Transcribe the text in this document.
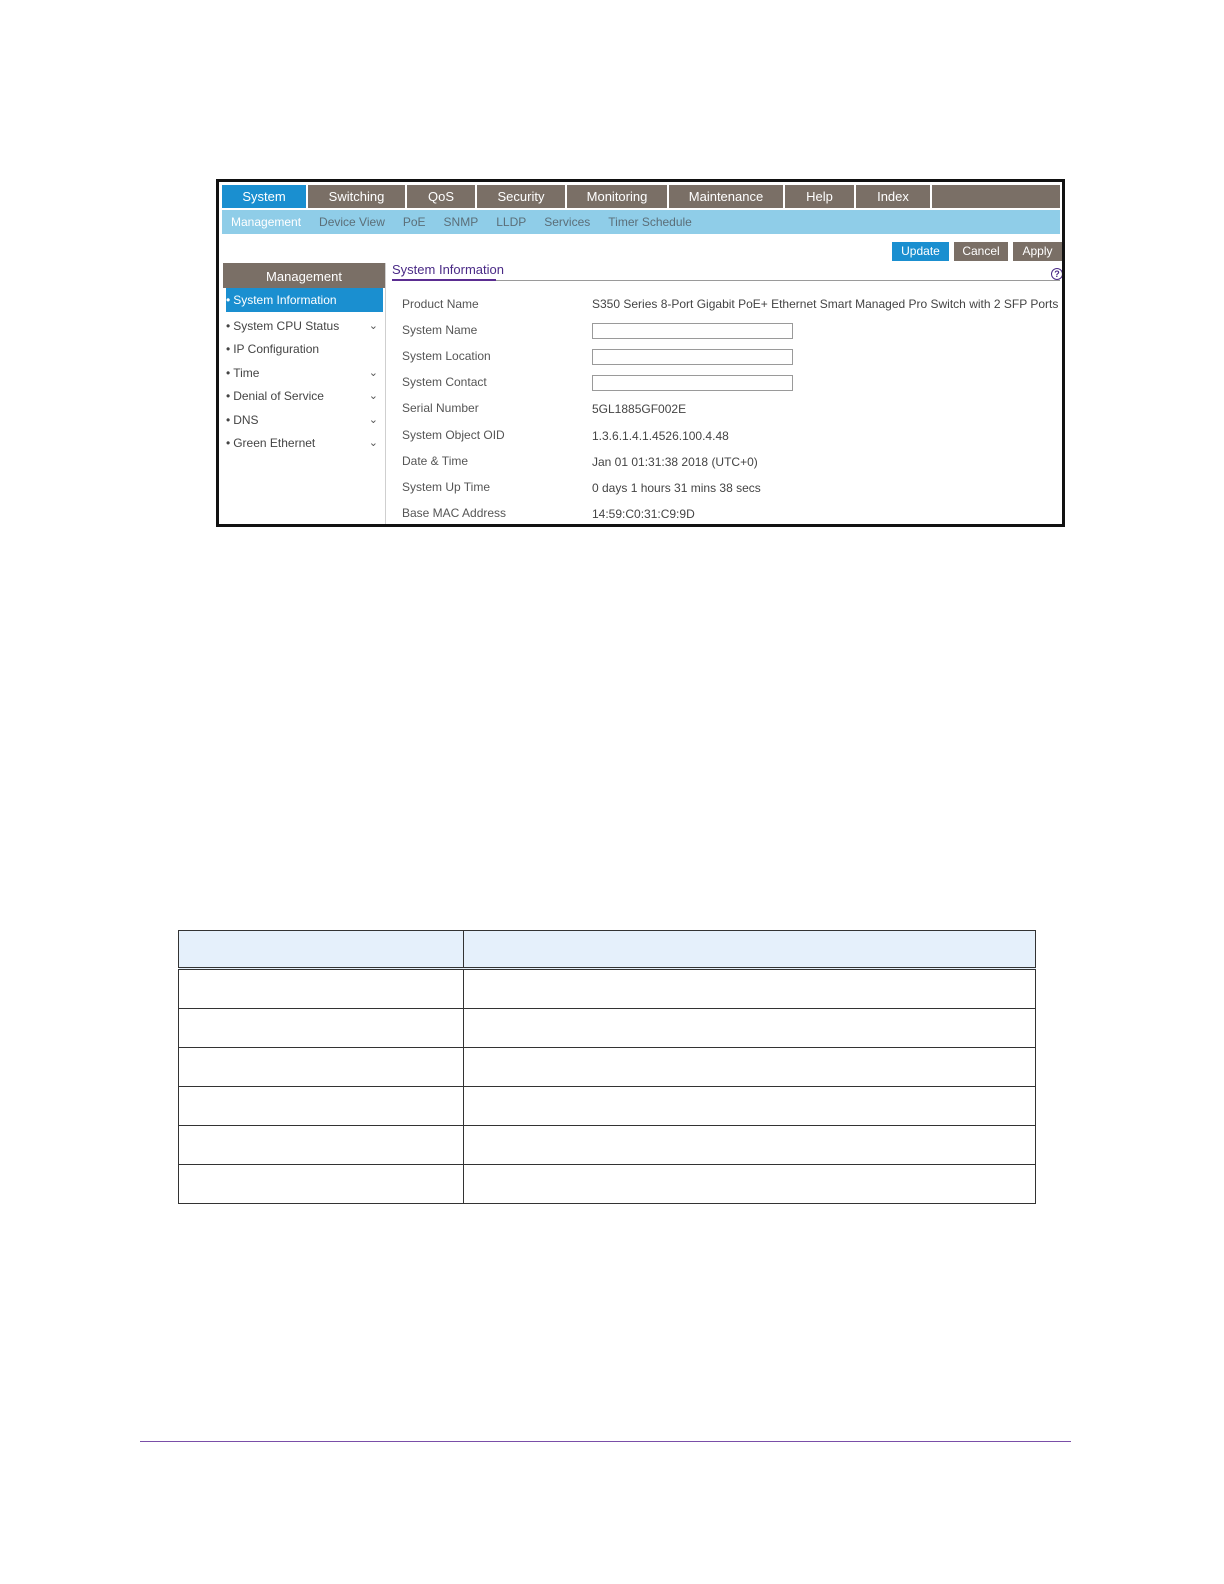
System	Switching	QoS	Security	Monitoring	Maintenance	Help	Index
Management	Device View	PoE	SNMP	LLDP	Services	Timer Schedule
Update	Cancel	Apply
Management
• System Information
• System CPU Status	⌄
• IP Configuration
• Time	⌄
• Denial of Service	⌄
• DNS	⌄
• Green Ethernet	⌄
System Information	?
Product Name	S350 Series 8-Port Gigabit PoE+ Ethernet Smart Managed Pro Switch with 2 SFP Ports
System Name
System Location
System Contact
Serial Number	5GL1885GF002E
System Object OID	1.3.6.1.4.1.4526.100.4.48
Date & Time	Jan 01 01:31:38 2018 (UTC+0)
System Up Time	0 days 1 hours 31 mins 38 secs
Base MAC Address	14:59:C0:31:C9:9D
